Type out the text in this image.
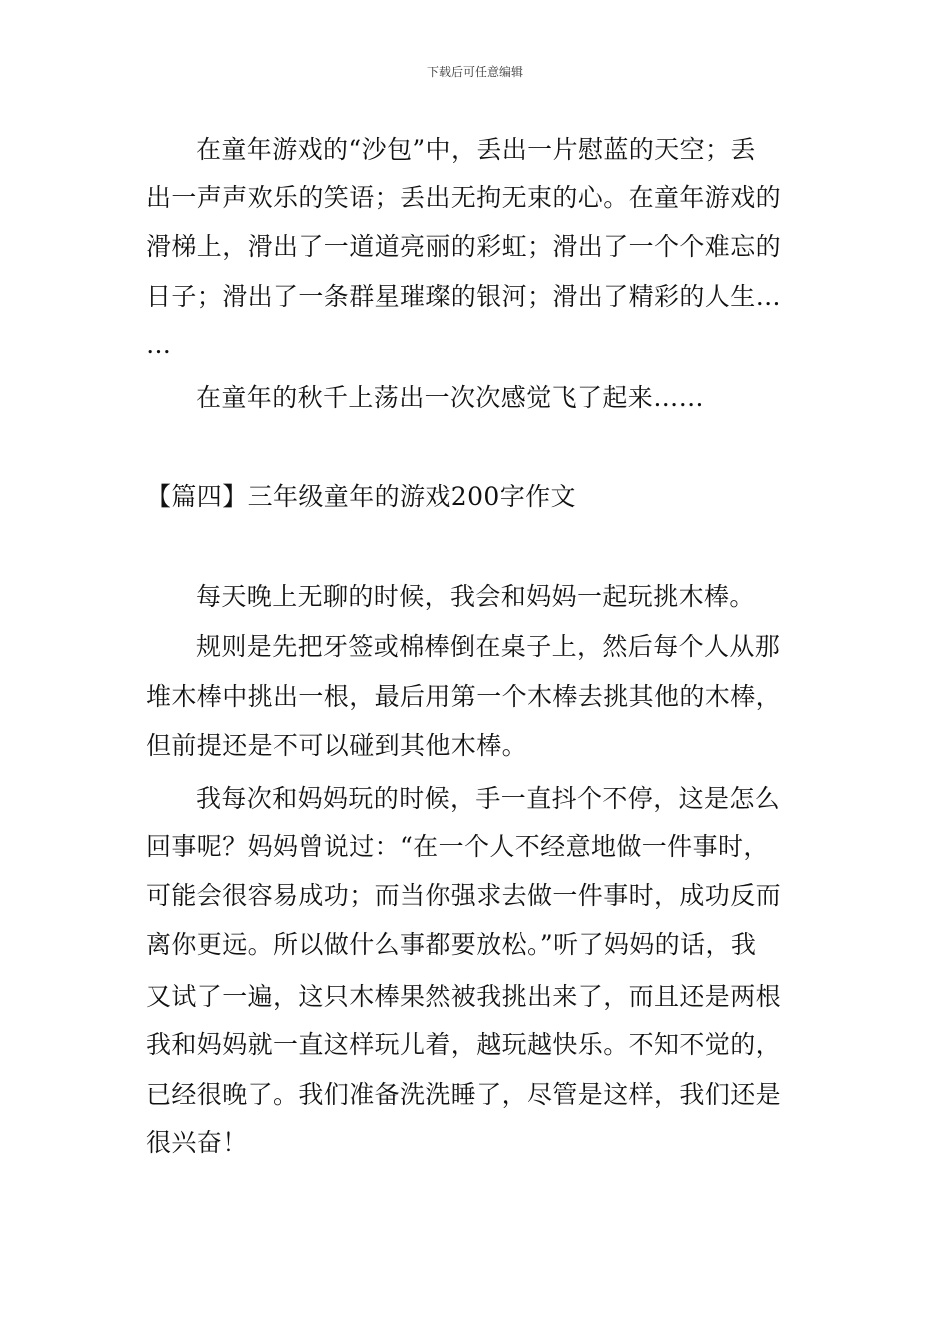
下载后可任意编辑
在童年游戏的“沙包”中，丢出一片慰蓝的天空；丢
出一声声欢乐的笑语；丢出无拘无束的心。在童年游戏的
滑梯上，滑出了一道道亮丽的彩虹；滑出了一个个难忘的
日子；滑出了一条群星璀璨的银河；滑出了精彩的人生…
…
在童年的秋千上荡出一次次感觉飞了起来……
【篇四】三年级童年的游戏200字作文
每天晚上无聊的时候，我会和妈妈一起玩挑木棒。
规则是先把牙签或棉棒倒在桌子上，然后每个人从那
堆木棒中挑出一根，最后用第一个木棒去挑其他的木棒，
但前提还是不可以碰到其他木棒。
我每次和妈妈玩的时候，手一直抖个不停，这是怎么
回事呢？妈妈曾说过：“在一个人不经意地做一件事时，
可能会很容易成功；而当你强求去做一件事时，成功反而
离你更远。所以做什么事都要放松。”听了妈妈的话，我
又试了一遍，这只木棒果然被我挑出来了，而且还是两根
我和妈妈就一直这样玩儿着，越玩越快乐。不知不觉的，
已经很晚了。我们准备洗洗睡了，尽管是这样，我们还是
很兴奋！
